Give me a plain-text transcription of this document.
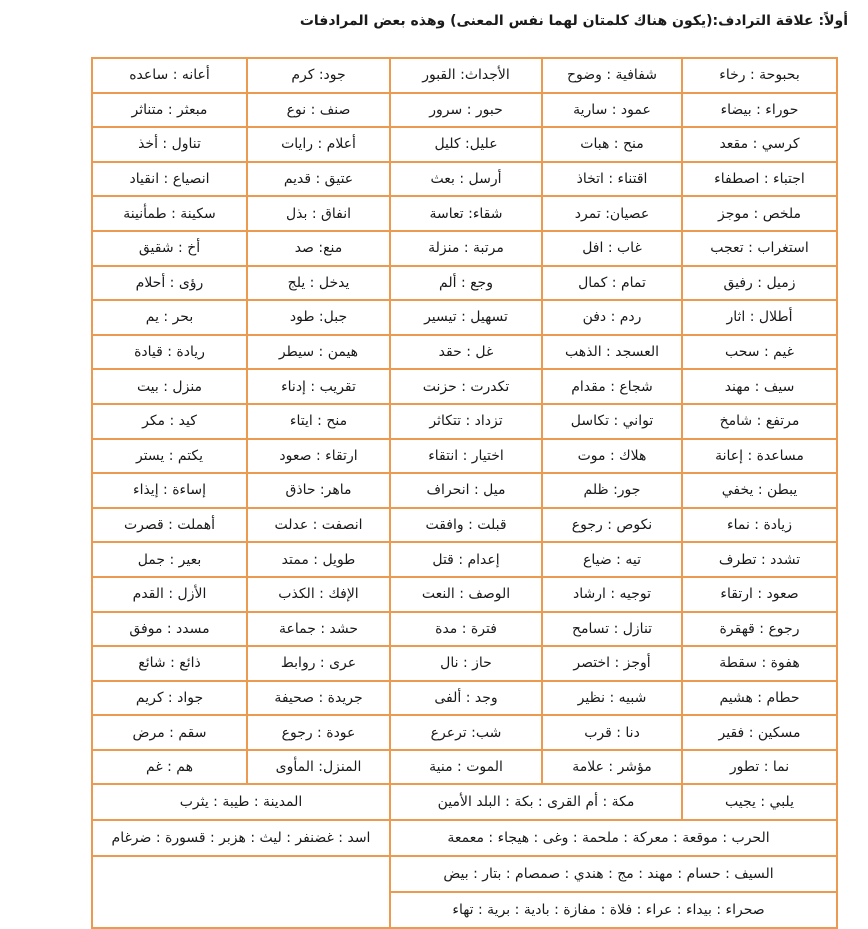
أولاً: علاقة الترادف:(يكون هناك كلمتان لهما نفس المعنى) وهذه بعض المرادفات
بحبوحة : رخاء	شفافية : وضوح	الأجداث: القبور	جود: كرم	أعانه : ساعده
حوراء : بيضاء	عمود : سارية	حبور : سرور	صنف : نوع	مبعثر : متناثر
كرسي : مقعد	منح : هبات	عليل: كليل	أعلام : رايات	تناول : أخذ
اجتباء : اصطفاء	اقتناء : اتخاذ	أرسل : بعث	عتيق : قديم	انصياع : انقياد
ملخص : موجز	عصيان: تمرد	شقاء: تعاسة	انفاق : بذل	سكينة : طمأنينة
استغراب : تعجب	غاب : افل	مرتبة : منزلة	منع: صد	أخ : شقيق
زميل : رفيق	تمام : كمال	وجع : ألم	يدخل : يلج	رؤى : أحلام
أطلال : اثار	ردم : دفن	تسهيل : تيسير	جبل: طود	بحر : يم
غيم : سحب	العسجد : الذهب	غل : حقد	هيمن : سيطر	ريادة : قيادة
سيف : مهند	شجاع : مقدام	تكدرت : حزنت	تقريب : إدناء	منزل : بيت
مرتفع : شامخ	تواني : تكاسل	تزداد : تتكاثر	منح : ايتاء	كيد : مكر
مساعدة : إعانة	هلاك : موت	اختيار : انتقاء	ارتقاء : صعود	يكتم : يستر
يبطن : يخفي	جور: ظلم	ميل : انحراف	ماهر: حاذق	إساءة : إيذاء
زيادة : نماء	نكوص : رجوع	قبلت : وافقت	انصفت : عدلت	أهملت : قصرت
تشدد : تطرف	تيه : ضياع	إعدام : قتل	طويل : ممتد	بعير : جمل
صعود : ارتقاء	توجيه : ارشاد	الوصف : النعت	الإفك : الكذب	الأزل : القدم
رجوع : قهقرة	تنازل : تسامح	فترة : مدة	حشد : جماعة	مسدد : موفق
هفوة : سقطة	أوجز : اختصر	حاز : نال	عرى : روابط	ذائع : شائع
حطام : هشيم	شبيه : نظير	وجد : ألفى	جريدة : صحيفة	جواد : كريم
مسكين : فقير	دنا : قرب	شب: ترعرع	عودة : رجوع	سقم : مرض
نما : تطور	مؤشر : علامة	الموت : منية	المنزل: المأوى	هم : غم
يلبي : يجيب	مكة : أم القرى : بكة : البلد الأمين		المدينة : طيبة : يثرب	
الحرب : موقعة : معركة : ملحمة : وغى : هيجاء : معمعة			اسد : غضنفر : ليث : هزبر : قسورة : ضرغام	
السيف : حسام : مهند : مج : هندي : صمصام : بتار : بيض				
صحراء : بيداء : عراء : فلاة : مفازة : بادية : برية : تهاء				
